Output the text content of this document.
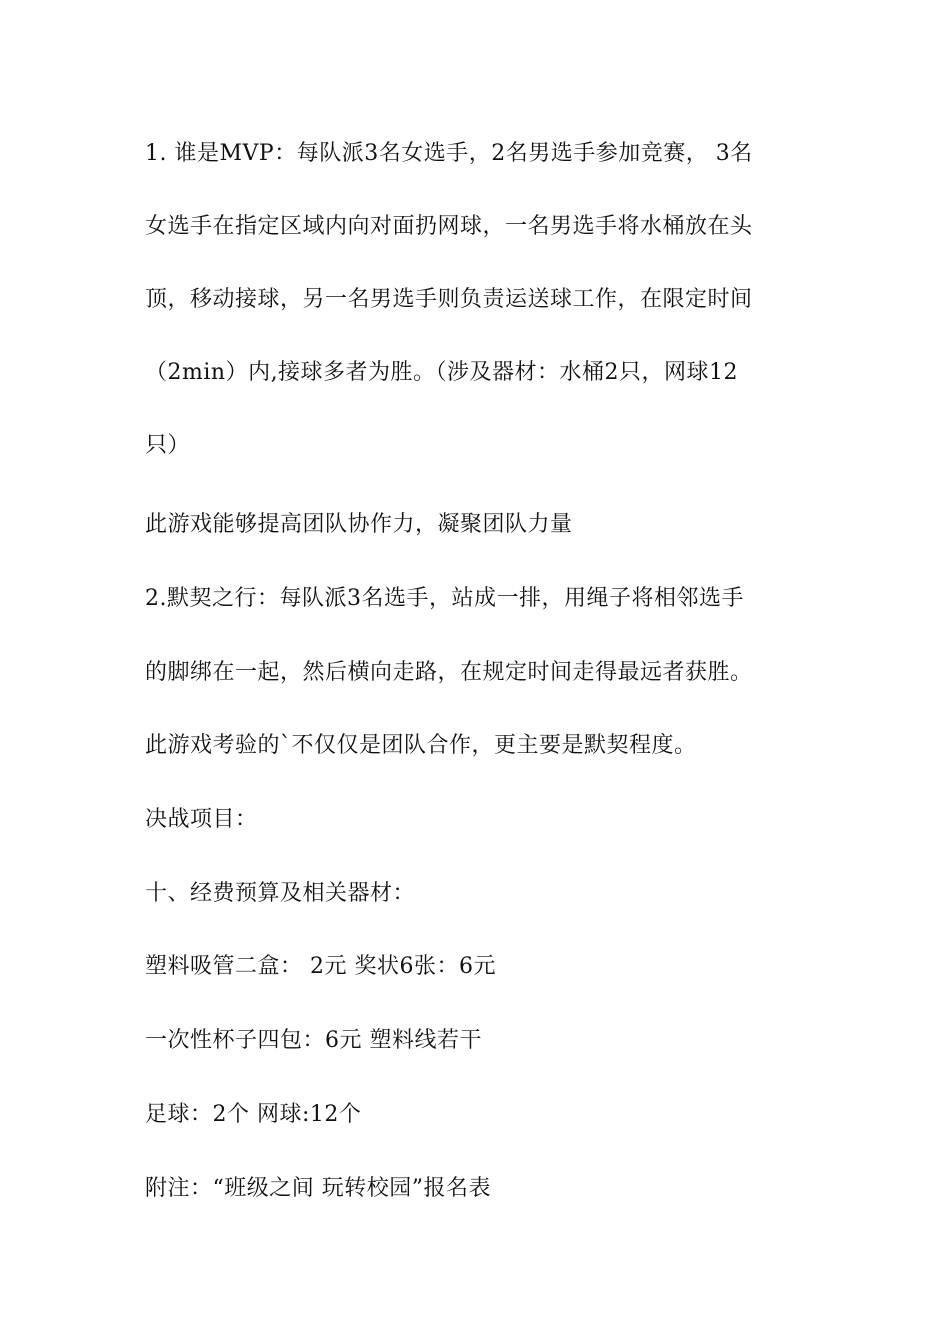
1. 谁是MVP：每队派3名女选手，2名男选手参加竞赛， 3名
女选手在指定区域内向对面扔网球，一名男选手将水桶放在头
顶，移动接球，另一名男选手则负责运送球工作，在限定时间
（2min）内,接球多者为胜。（涉及器材：水桶2只，网球12
只）
此游戏能够提高团队协作力，凝聚团队力量
2.默契之行：每队派3名选手，站成一排，用绳子将相邻选手
的脚绑在一起，然后横向走路，在规定时间走得最远者获胜。
此游戏考验的`不仅仅是团队合作，更主要是默契程度。
决战项目：
十、经费预算及相关器材：
塑料吸管二盒： 2元 奖状6张：6元
一次性杯子四包：6元 塑料线若干
足球：2个 网球:12个
附注：“班级之间 玩转校园”报名表
